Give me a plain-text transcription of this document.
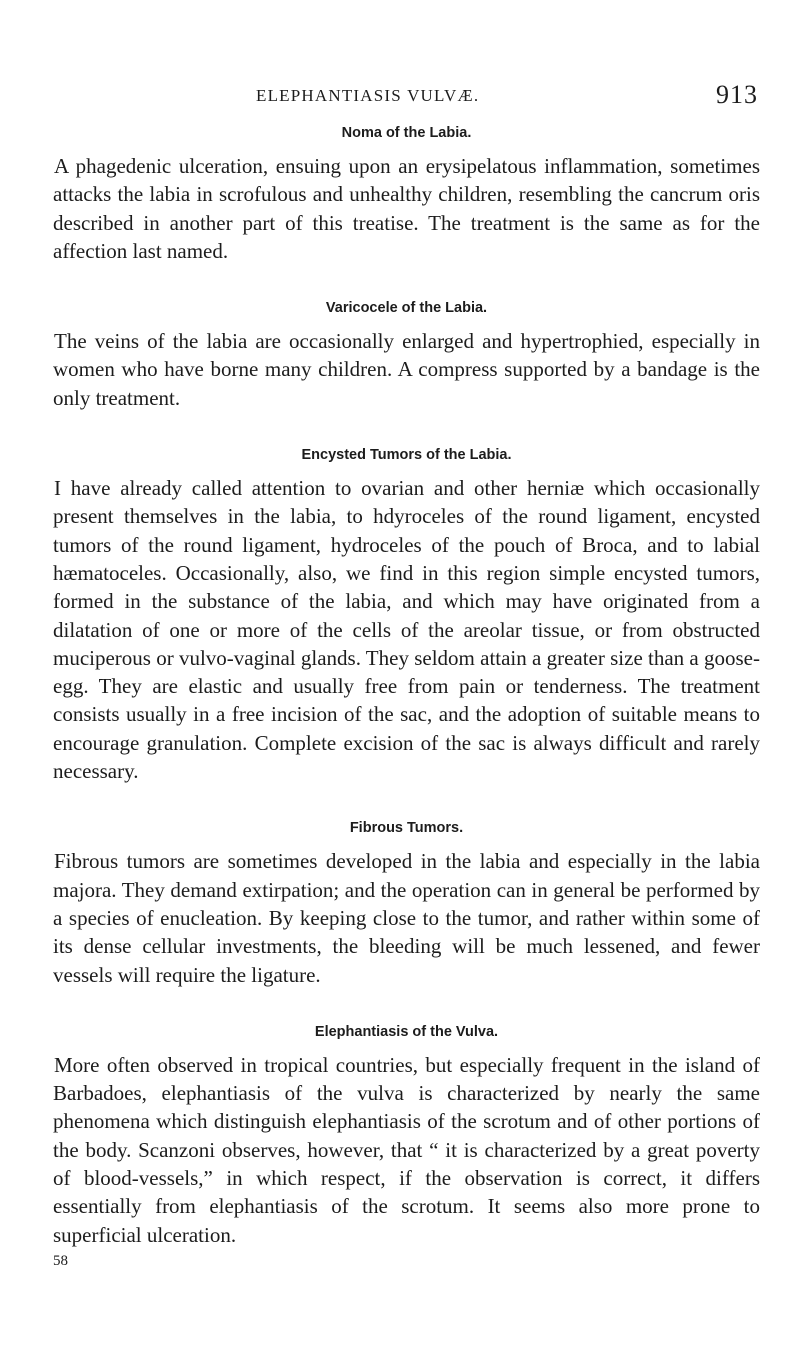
ELEPHANTIASIS VULVÆ.	913
Noma of the Labia.

A phagedenic ulceration, ensuing upon an erysipelatous inflammation, sometimes attacks the labia in scrofulous and unhealthy children, resembling the cancrum oris described in another part of this treatise. The treatment is the same as for the affection last named.

Varicocele of the Labia.

The veins of the labia are occasionally enlarged and hypertrophied, especially in women who have borne many children. A compress supported by a bandage is the only treatment.

Encysted Tumors of the Labia.

I have already called attention to ovarian and other herniæ which occasionally present themselves in the labia, to hdyroceles of the round ligament, encysted tumors of the round ligament, hydroceles of the pouch of Broca, and to labial hæmatoceles. Occasionally, also, we find in this region simple encysted tumors, formed in the substance of the labia, and which may have originated from a dilatation of one or more of the cells of the areolar tissue, or from obstructed muciperous or vulvo-vaginal glands. They seldom attain a greater size than a goose-egg. They are elastic and usually free from pain or tenderness. The treatment consists usually in a free incision of the sac, and the adoption of suitable means to encourage granulation. Complete excision of the sac is always difficult and rarely necessary.

Fibrous Tumors.

Fibrous tumors are sometimes developed in the labia and especially in the labia majora. They demand extirpation; and the operation can in general be performed by a species of enucleation. By keeping close to the tumor, and rather within some of its dense cellular investments, the bleeding will be much lessened, and fewer vessels will require the ligature.

Elephantiasis of the Vulva.

More often observed in tropical countries, but especially frequent in the island of Barbadoes, elephantiasis of the vulva is characterized by nearly the same phenomena which distinguish elephantiasis of the scrotum and of other portions of the body. Scanzoni observes, however, that “ it is characterized by a great poverty of blood-vessels,” in which respect, if the observation is correct, it differs essentially from elephantiasis of the scrotum. It seems also more prone to superficial ulceration.

58
